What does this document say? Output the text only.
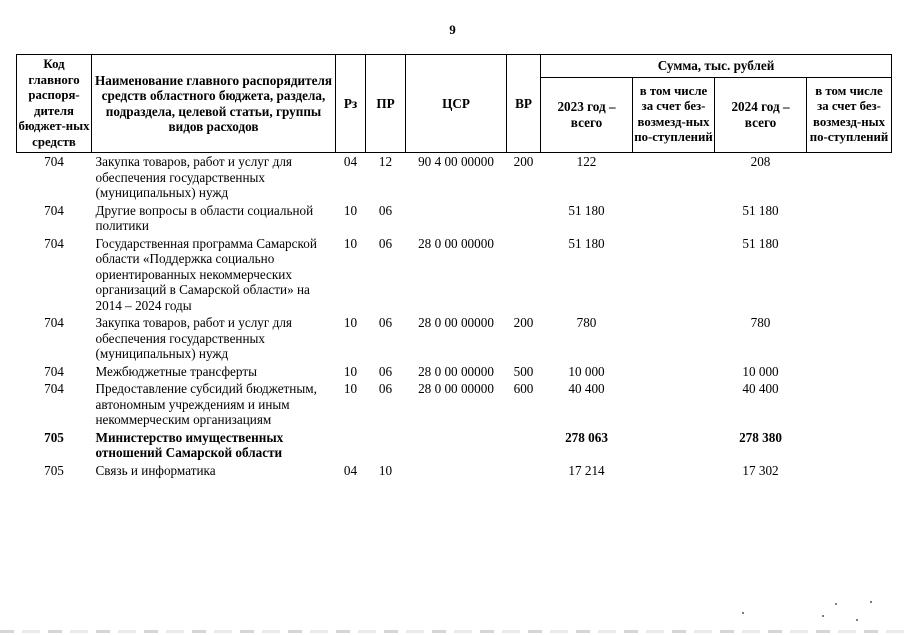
9
Код главного распоря-дителя бюджет-ных средств	Наименование главного распорядителя средств областного бюджета, раздела, подраздела, целевой статьи, группы видов расходов	Рз	ПР	ЦСР	ВР	Сумма, тыс. рублей			
						2023 год – всего	в том числе за счет без-возмезд-ных по-ступлений	2024 год – всего	в том числе за счет без-возмезд-ных по-ступлений
704	Закупка товаров, работ и услуг для обеспечения государственных (муниципальных) нужд	04	12	90 4 00 00000	200	122		208	
704	Другие вопросы в области социальной политики	10	06			51 180		51 180	
704	Государственная программа Самарской области «Поддержка социально ориентированных некоммерческих организаций в Самарской области» на 2014 – 2024 годы	10	06	28 0 00 00000		51 180		51 180	
704	Закупка товаров, работ и услуг для обеспечения государственных (муниципальных) нужд	10	06	28 0 00 00000	200	780		780	
704	Межбюджетные трансферты	10	06	28 0 00 00000	500	10 000		10 000	
704	Предоставление субсидий бюджетным, автономным учреждениям и иным некоммерческим организациям	10	06	28 0 00 00000	600	40 400		40 400	
705	Министерство имущественных отношений Самарской области					278 063		278 380	
705	Связь и информатика	04	10			17 214		17 302	
